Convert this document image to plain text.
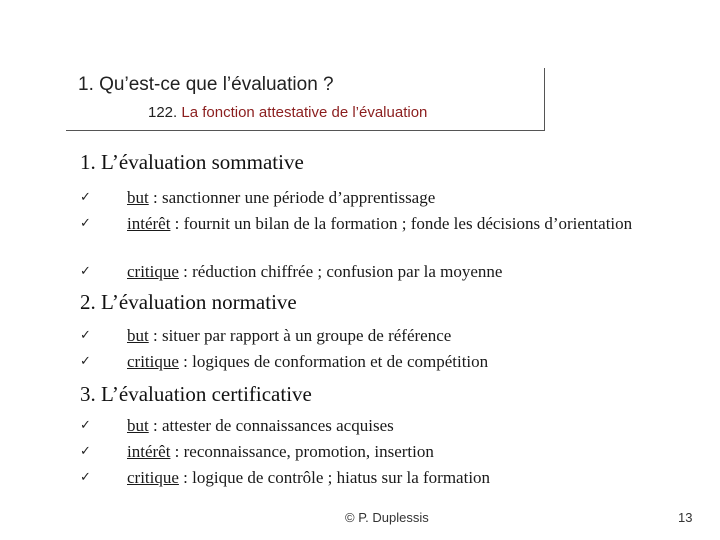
1. Qu’est-ce que l’évaluation ?
122. La fonction attestative de l’évaluation
1. L’évaluation sommative
✓ but : sanctionner une période d’apprentissage
✓ intérêt : fournit un bilan de la formation ; fonde les décisions d’orientation
✓ critique : réduction chiffrée ; confusion par la moyenne
2. L’évaluation normative
✓ but : situer par rapport à un groupe de référence
✓ critique : logiques de conformation et de compétition
3. L’évaluation certificative
✓ but : attester de connaissances acquises
✓ intérêt : reconnaissance, promotion, insertion
✓ critique : logique de contrôle ; hiatus sur la formation
© P. Duplessis	13
